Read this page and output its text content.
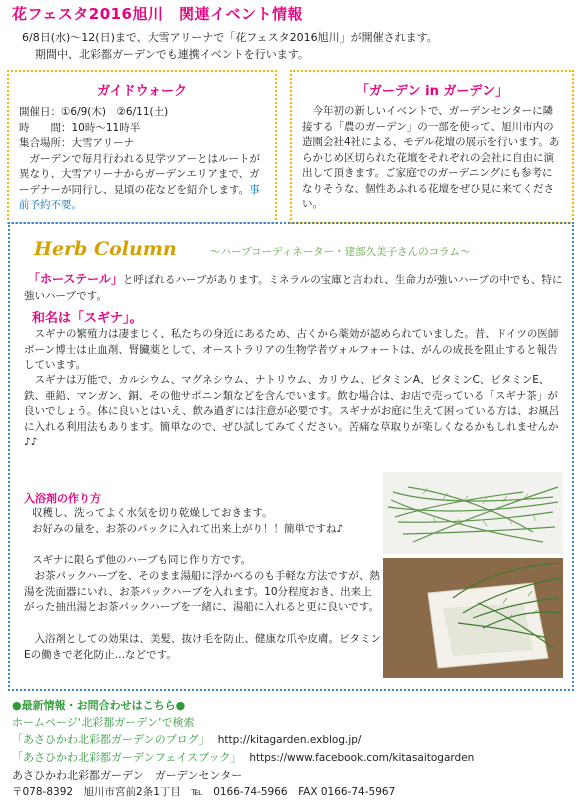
花フェスタ2016旭川　関連イベント情報
6/8日(水)～12(日)まで、大雪アリーナで「花フェスタ2016旭川」が開催されます。
期間中、北彩都ガーデンでも連携イベントを行います。
ガイドウォーク
開催日：①6/9(木)　②6/11(土)
時　　間：10時～11時半
集合場所：大雪アリーナ
ガーデンで毎月行われる見学ツアーとはルートが異なり、大雪アリーナからガーデンエリアまで、ガーデナーが同行し、見頃の花などを紹介します。事前予約不要。
「ガーデン in ガーデン」
今年初の新しいイベントで、ガーデンセンターに隣接する「農のガーデン」の一部を使って、旭川市内の造園会社4社による、モデル花壇の展示を行います。あらかじめ区切られた花壇をそれぞれの会社に自由に演出して頂きます。ご家庭でのガーデニングにも参考になりそうな、個性あふれる花壇をぜひ見に来てください。
Herb Column	～ハーブコーディネーター・建部久美子さんのコラム～
「ホーステール」と呼ばれるハーブがあります。ミネラルの宝庫と言われ、生命力が強いハーブの中でも、特に強いハーブです。
和名は「スギナ」。
スギナの繁殖力は凄まじく、私たちの身近にあるため、古くから薬効が認められていました。昔、ドイツの医師ボーン博士は止血剤、腎臓薬として、オーストラリアの生物学者ヴォルフォートは、がんの成長を阻止すると報告しています。
スギナは万能で、カルシウム、マグネシウム、ナトリウム、カリウム、ビタミンA、ビタミンC、ビタミンE、鉄、亜鉛、マンガン、銅、その他サポニン類などを含んでいます。飲む場合は、お店で売っている「スギナ茶」が良いでしょう。体に良いとはいえ、飲み過ぎには注意が必要です。スギナがお庭に生えて困っている方は、お風呂に入れる利用法もあります。簡単なので、ぜひ試してみてください。苦痛な草取りが楽しくなるかもしれませんか♪♪
入浴剤の作り方
収穫し、洗ってよく水気を切り乾燥しておきます。
お好みの量を、お茶のパックに入れて出来上がり！！簡単ですね♪
スギナに限らず他のハーブも同じ作り方です。
お茶パックハーブを、そのまま湯船に浮かべるのも手軽な方法ですが、熱湯を洗面器にいれ、お茶パックハーブを入れます。10分程度おき、出来上がった抽出湯とお茶パックハーブを一緒に、湯船に入れると更に良いです。
入浴剤としての効果は、美髪、抜け毛を防止、健康な爪や皮膚。ビタミンEの働きで老化防止…などです。
●最新情報・お問合わせはこちら●
ホームページ‘北彩都ガーデン’で検索
「あさひかわ北彩都ガーデンのブログ」 http://kitagarden.exblog.jp/
「あさひかわ北彩都ガーデンフェイスブック」 https://www.facebook.com/kitasaitogarden
あさひかわ北彩都ガーデン　ガーデンセンター
〒078-8392　旭川市宮前2条1丁目　℡　0166-74-5966　FAX 0166-74-5967
